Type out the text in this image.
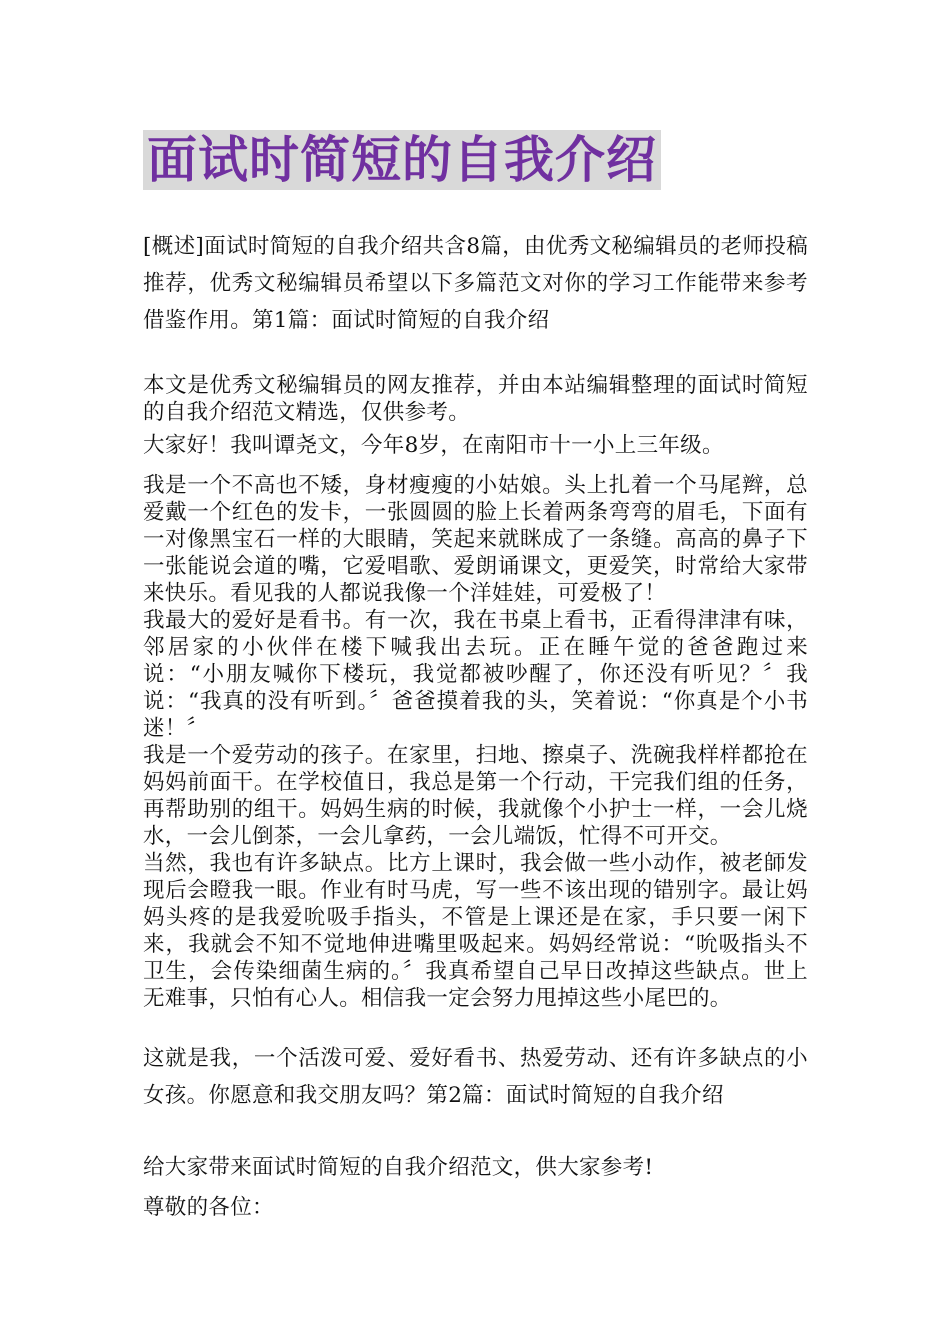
面试时简短的自我介绍

[概述]面试时简短的自我介绍共含8篇，由优秀文秘编辑员的老师投稿推荐，优秀文秘编辑员希望以下多篇范文对你的学习工作能带来参考借鉴作用。第1篇：面试时简短的自我介绍

本文是优秀文秘编辑员的网友推荐，并由本站编辑整理的面试时简短的自我介绍范文精选，仅供参考。

大家好！我叫谭尧文，今年8岁，在南阳市十一小上三年级。

我是一个不高也不矮，身材瘦瘦的小姑娘。头上扎着一个马尾辫，总爱戴一个红色的发卡，一张圆圆的脸上长着两条弯弯的眉毛，下面有一对像黑宝石一样的大眼睛，笑起来就眯成了一条缝。高高的鼻子下一张能说会道的嘴，它爱唱歌、爱朗诵课文，更爱笑，时常给大家带来快乐。看见我的人都说我像一个洋娃娃，可爱极了！

我最大的爱好是看书。有一次，我在书桌上看书，正看得津津有味，邻居家的小伙伴在楼下喊我出去玩。正在睡午觉的爸爸跑过来说：“小朋友喊你下楼玩，我觉都被吵醒了，你还没有听见？〞我说：“我真的没有听到。〞爸爸摸着我的头，笑着说：“你真是个小书迷！〞

我是一个爱劳动的孩子。在家里，扫地、擦桌子、洗碗我样样都抢在妈妈前面干。在学校值日，我总是第一个行动，干完我们组的任务，再帮助别的组干。妈妈生病的时候，我就像个小护士一样，一会儿烧水，一会儿倒茶，一会儿拿药，一会儿端饭，忙得不可开交。

当然，我也有许多缺点。比方上课时，我会做一些小动作，被老師发现后会瞪我一眼。作业有时马虎，写一些不该出现的错别字。最让妈妈头疼的是我爱吮吸手指头，不管是上课还是在家，手只要一闲下来，我就会不知不觉地伸进嘴里吸起来。妈妈经常说：“吮吸指头不卫生，会传染细菌生病的。〞我真希望自己早日改掉这些缺点。世上无难事，只怕有心人。相信我一定会努力甩掉这些小尾巴的。

这就是我，一个活泼可爱、爱好看书、热爱劳动、还有许多缺点的小女孩。你愿意和我交朋友吗？第2篇：面试时简短的自我介绍

给大家带来面试时简短的自我介绍范文，供大家参考!

尊敬的各位：
